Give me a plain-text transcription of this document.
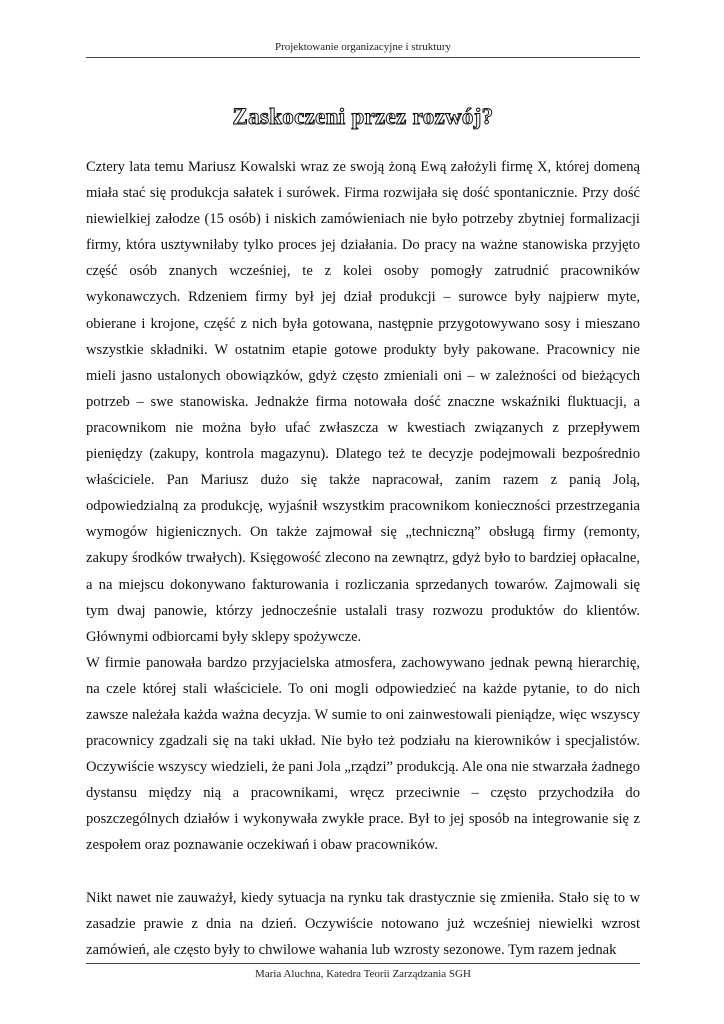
Projektowanie organizacyjne i struktury
Zaskoczeni przez rozwój?

Cztery lata temu Mariusz Kowalski wraz ze swoją żoną Ewą założyli firmę X, której domeną miała stać się produkcja sałatek i surówek. Firma rozwijała się dość spontanicznie. Przy dość niewielkiej załodze (15 osób) i niskich zamówieniach nie było potrzeby zbytniej formalizacji firmy, która usztywniłaby tylko proces jej działania. Do pracy na ważne stanowiska przyjęto część osób znanych wcześniej, te z kolei osoby pomogły zatrudnić pracowników wykonawczych. Rdzeniem firmy był jej dział produkcji – surowce były najpierw myte, obierane i krojone, część z nich była gotowana, następnie przygotowywano sosy i mieszano wszystkie składniki. W ostatnim etapie gotowe produkty były pakowane. Pracownicy nie mieli jasno ustalonych obowiązków, gdyż często zmieniali oni – w zależności od bieżących potrzeb – swe stanowiska. Jednakże firma notowała dość znaczne wskaźniki fluktuacji, a pracownikom nie można było ufać zwłaszcza w kwestiach związanych z przepływem pieniędzy (zakupy, kontrola magazynu). Dlatego też te decyzje podejmowali bezpośrednio właściciele. Pan Mariusz dużo się także napracował, zanim razem z panią Jolą, odpowiedzialną za produkcję, wyjaśnił wszystkim pracownikom konieczności przestrzegania wymogów higienicznych. On także zajmował się „techniczną” obsługą firmy (remonty, zakupy środków trwałych). Księgowość zlecono na zewnątrz, gdyż było to bardziej opłacalne, a na miejscu dokonywano fakturowania i rozliczania sprzedanych towarów. Zajmowali się tym dwaj panowie, którzy jednocześnie ustalali trasy rozwozu produktów do klientów. Głównymi odbiorcami były sklepy spożywcze.

W firmie panowała bardzo przyjacielska atmosfera, zachowywano jednak pewną hierarchię, na czele której stali właściciele. To oni mogli odpowiedzieć na każde pytanie, to do nich zawsze należała każda ważna decyzja. W sumie to oni zainwestowali pieniądze, więc wszyscy pracownicy zgadzali się na taki układ. Nie było też podziału na kierowników i specjalistów. Oczywiście wszyscy wiedzieli, że pani Jola „rządzi” produkcją. Ale ona nie stwarzała żadnego dystansu między nią a pracownikami, wręcz przeciwnie – często przychodziła do poszczególnych działów i wykonywała zwykłe prace. Był to jej sposób na integrowanie się z zespołem oraz poznawanie oczekiwań i obaw pracowników.

Nikt nawet nie zauważył, kiedy sytuacja na rynku tak drastycznie się zmieniła. Stało się to w zasadzie prawie z dnia na dzień. Oczywiście notowano już wcześniej niewielki wzrost zamówień, ale często były to chwilowe wahania lub wzrosty sezonowe. Tym razem jednak

Maria Aluchna, Katedra Teorii Zarządzania SGH
